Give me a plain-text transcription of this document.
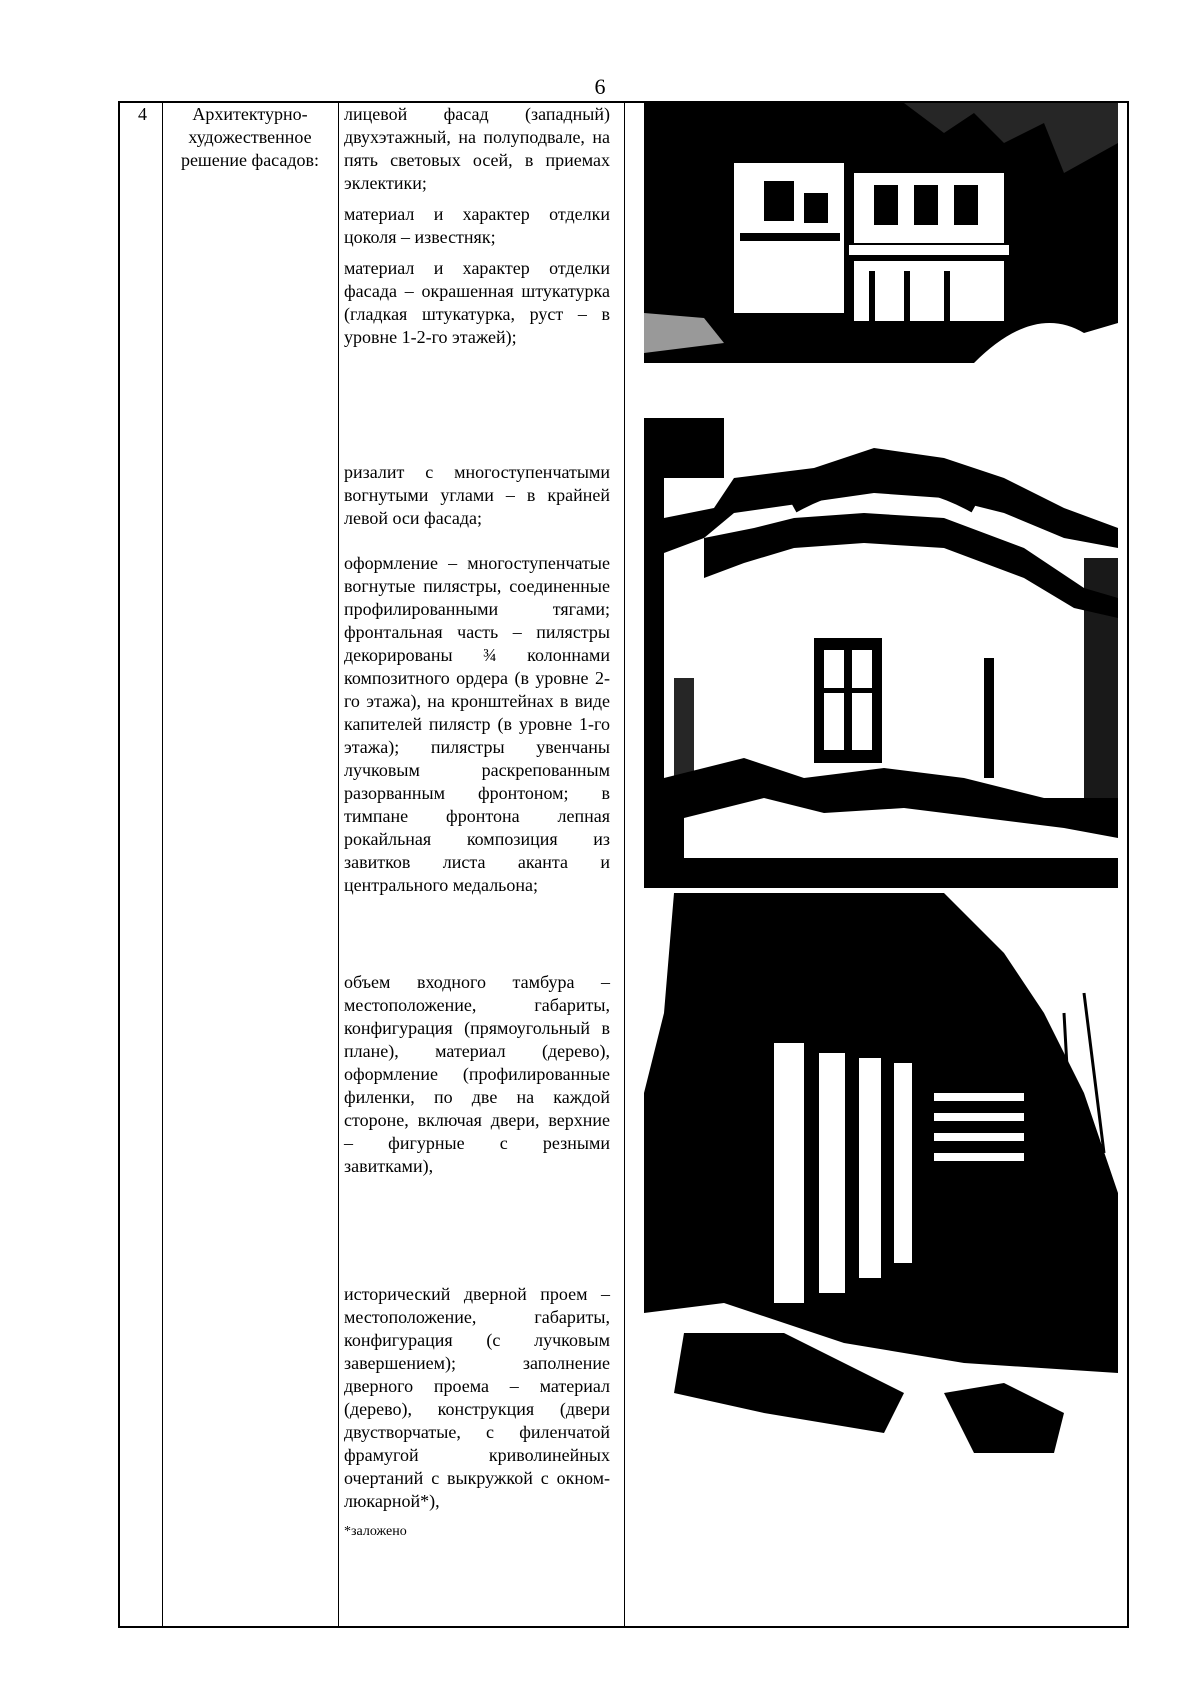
6
4	Архитектурно-художественное решение фасадов:

лицевой фасад (западный) двухэтажный, на полуподвале, на пять световых осей, в приемах эклектики;

материал и характер отделки цоколя – известняк;

материал и характер отделки фасада – окрашенная штукатурка (гладкая штукатурка, руст – в уровне 1-2-го этажей);

ризалит с многоступенчатыми вогнутыми углами – в крайней левой оси фасада;

оформление – многоступенчатые вогнутые пилястры, соединенные профилированными тягами; фронтальная часть – пилястры декорированы ¾ колоннами композитного ордера (в уровне 2-го этажа), на кронштейнах в виде капителей пилястр (в уровне 1-го этажа); пилястры увенчаны лучковым раскрепованным разорванным фронтоном; в тимпане фронтона лепная рокайльная композиция из завитков листа аканта и центрального медальона;

объем входного тамбура – местоположение, габариты, конфигурация (прямоугольный в плане), материал (дерево), оформление (профилированные филенки, по две на каждой стороне, включая двери, верхние – фигурные с резными завитками),

исторический дверной проем – местоположение, габариты, конфигурация (с лучковым завершением); заполнение дверного проема – материал (дерево), конструкция (двери двустворчатые, с филенчатой фрамугой криволинейных очертаний с выкружкой с окном-люкарной*),

*заложено
